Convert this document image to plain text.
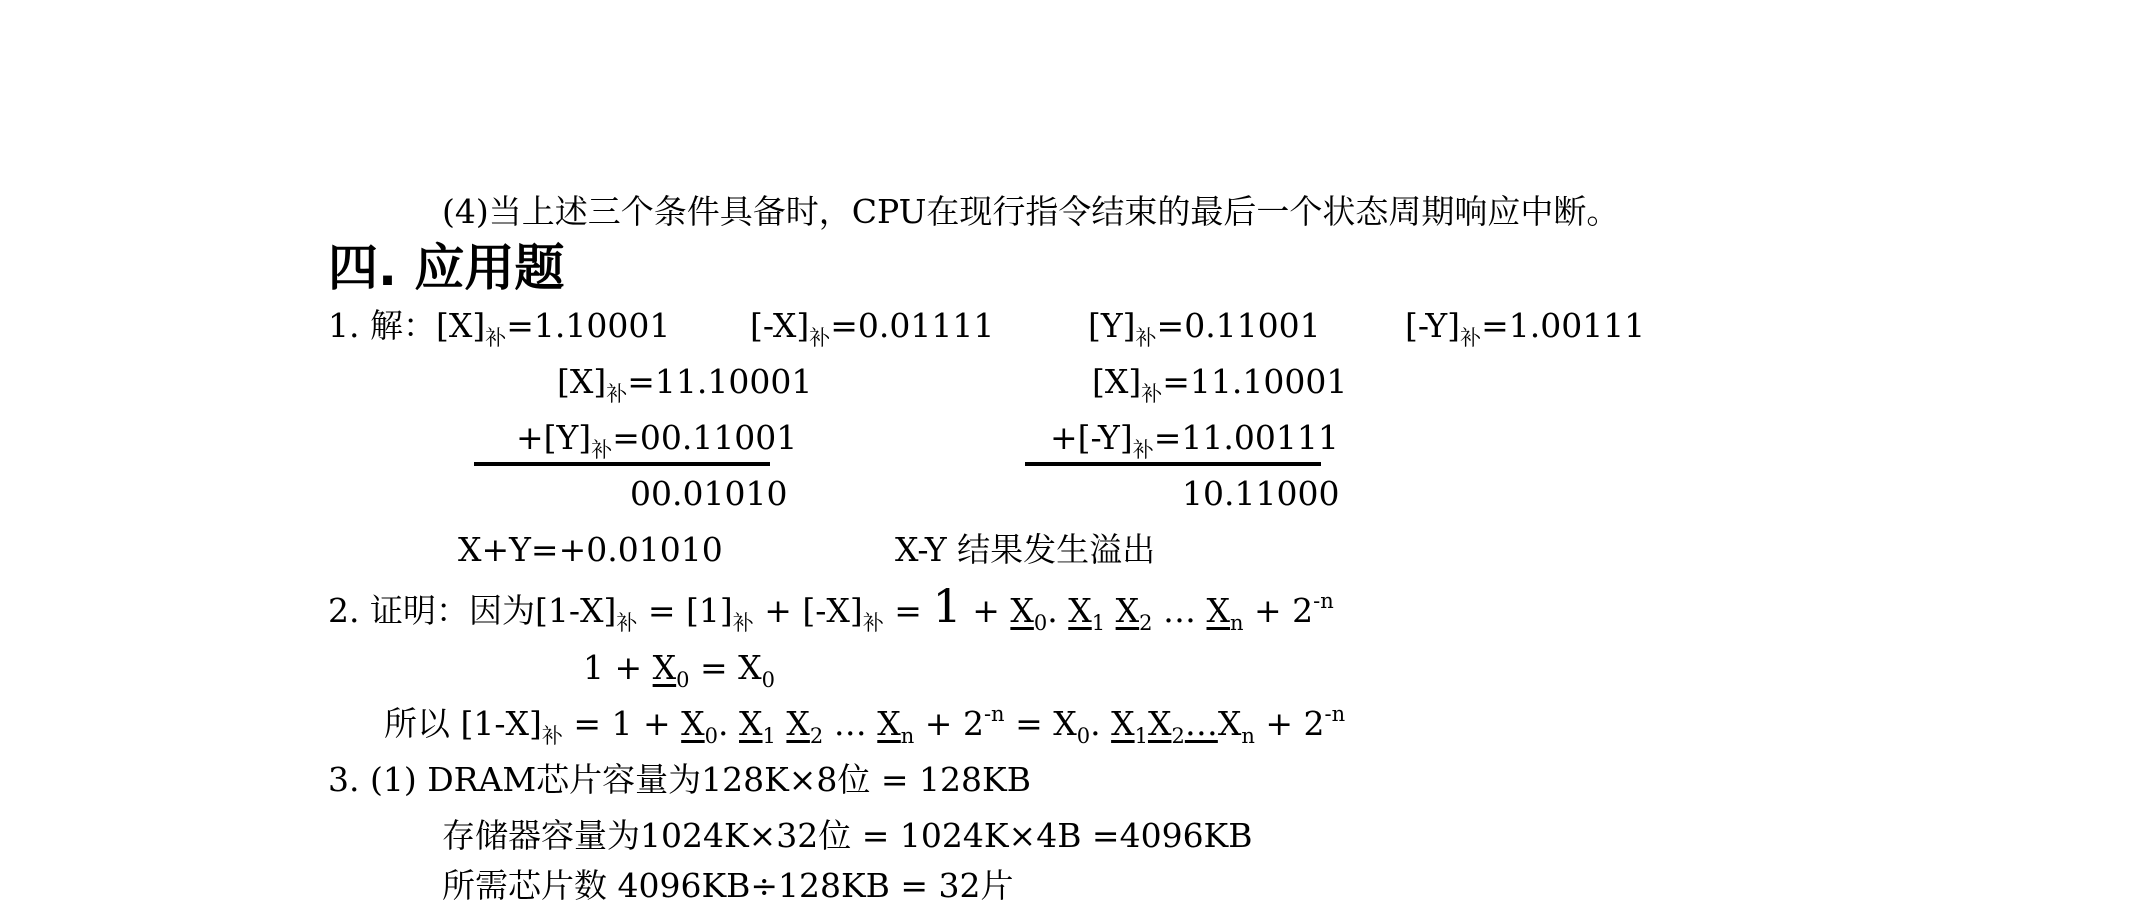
(4)当上述三个条件具备时，CPU在现行指令结束的最后一个状态周期响应中断。
四. 应用题
1. 解：$[X]_补=1.10001$ $[-X]_补=0.01111$	$[Y]_补=0.11001$	$[-Y]_补=1.00111$
$[X]_补=11.10001$
$+[Y]_补=00.11001$
00.01010
$[X]_补=11.10001$
$+[-Y]_补=11.00111$
10.11000
X+Y=+0.01010	X-Y 结果发生溢出
2. 证明：因为$[1-X]_补 = [1]_补 + [-X]_补 = 1 + X_0$. $X_1$ $X_2$ … $X_n + 2^{-n}$
$1 + X_0 = X_0$
所以 $[1-X]_补 = 1 + X_0$. $X_1$ $X_2$ … $X_n + 2^{-n} = X_0$. $X_1X_2\dots X_n + 2^{-n}$
3. (1) DRAM芯片容量为128K×8位 = 128KB
存储器容量为1024K×32位 = 1024K×4B =4096KB
所需芯片数 4096KB÷128KB = 32片
